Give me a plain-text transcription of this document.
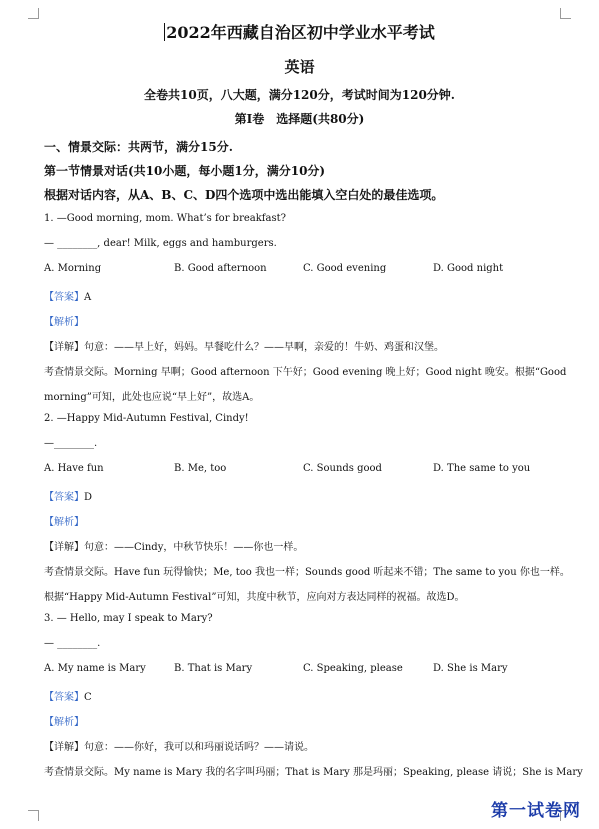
2022年西藏自治区初中学业水平考试
英语
全卷共10页，八大题，满分120分，考试时间为120分钟.
第Ⅰ卷　选择题(共80分)
一、情景交际：共两节，满分15分.
第一节情景对话(共10小题，每小题1分，满分10分)
根据对话内容，从A、B、C、D四个选项中选出能填入空白处的最佳选项。
1. —Good morning, mom. What’s for breakfast?
— ________, dear! Milk, eggs and hamburgers.
A. Morning	B. Good afternoon	C. Good evening	D. Good night
【答案】A
【解析】
【详解】句意：——早上好，妈妈。早餐吃什么？——早啊，亲爱的！牛奶、鸡蛋和汉堡。
考查情景交际。Morning 早啊；Good afternoon 下午好；Good evening 晚上好；Good night 晚安。根据“Good
morning”可知，此处也应说“早上好”，故选A。
2. —Happy Mid-Autumn Festival, Cindy!
—________.
A. Have fun	B. Me, too	C. Sounds good	D. The same to you
【答案】D
【解析】
【详解】句意：——Cindy，中秋节快乐！——你也一样。
考查情景交际。Have fun 玩得愉快；Me, too 我也一样；Sounds good 听起来不错；The same to you 你也一样。
根据“Happy Mid-Autumn Festival”可知，共度中秋节，应向对方表达同样的祝福。故选D。
3. — Hello, may I speak to Mary?
— ________.
A. My name is Mary	B. That is Mary	C. Speaking, please	D. She is Mary
【答案】C
【解析】
【详解】句意：——你好，我可以和玛丽说话吗？——请说。
考查情景交际。My name is Mary 我的名字叫玛丽；That is Mary 那是玛丽；Speaking, please 请说；She is Mary
第一试卷网
